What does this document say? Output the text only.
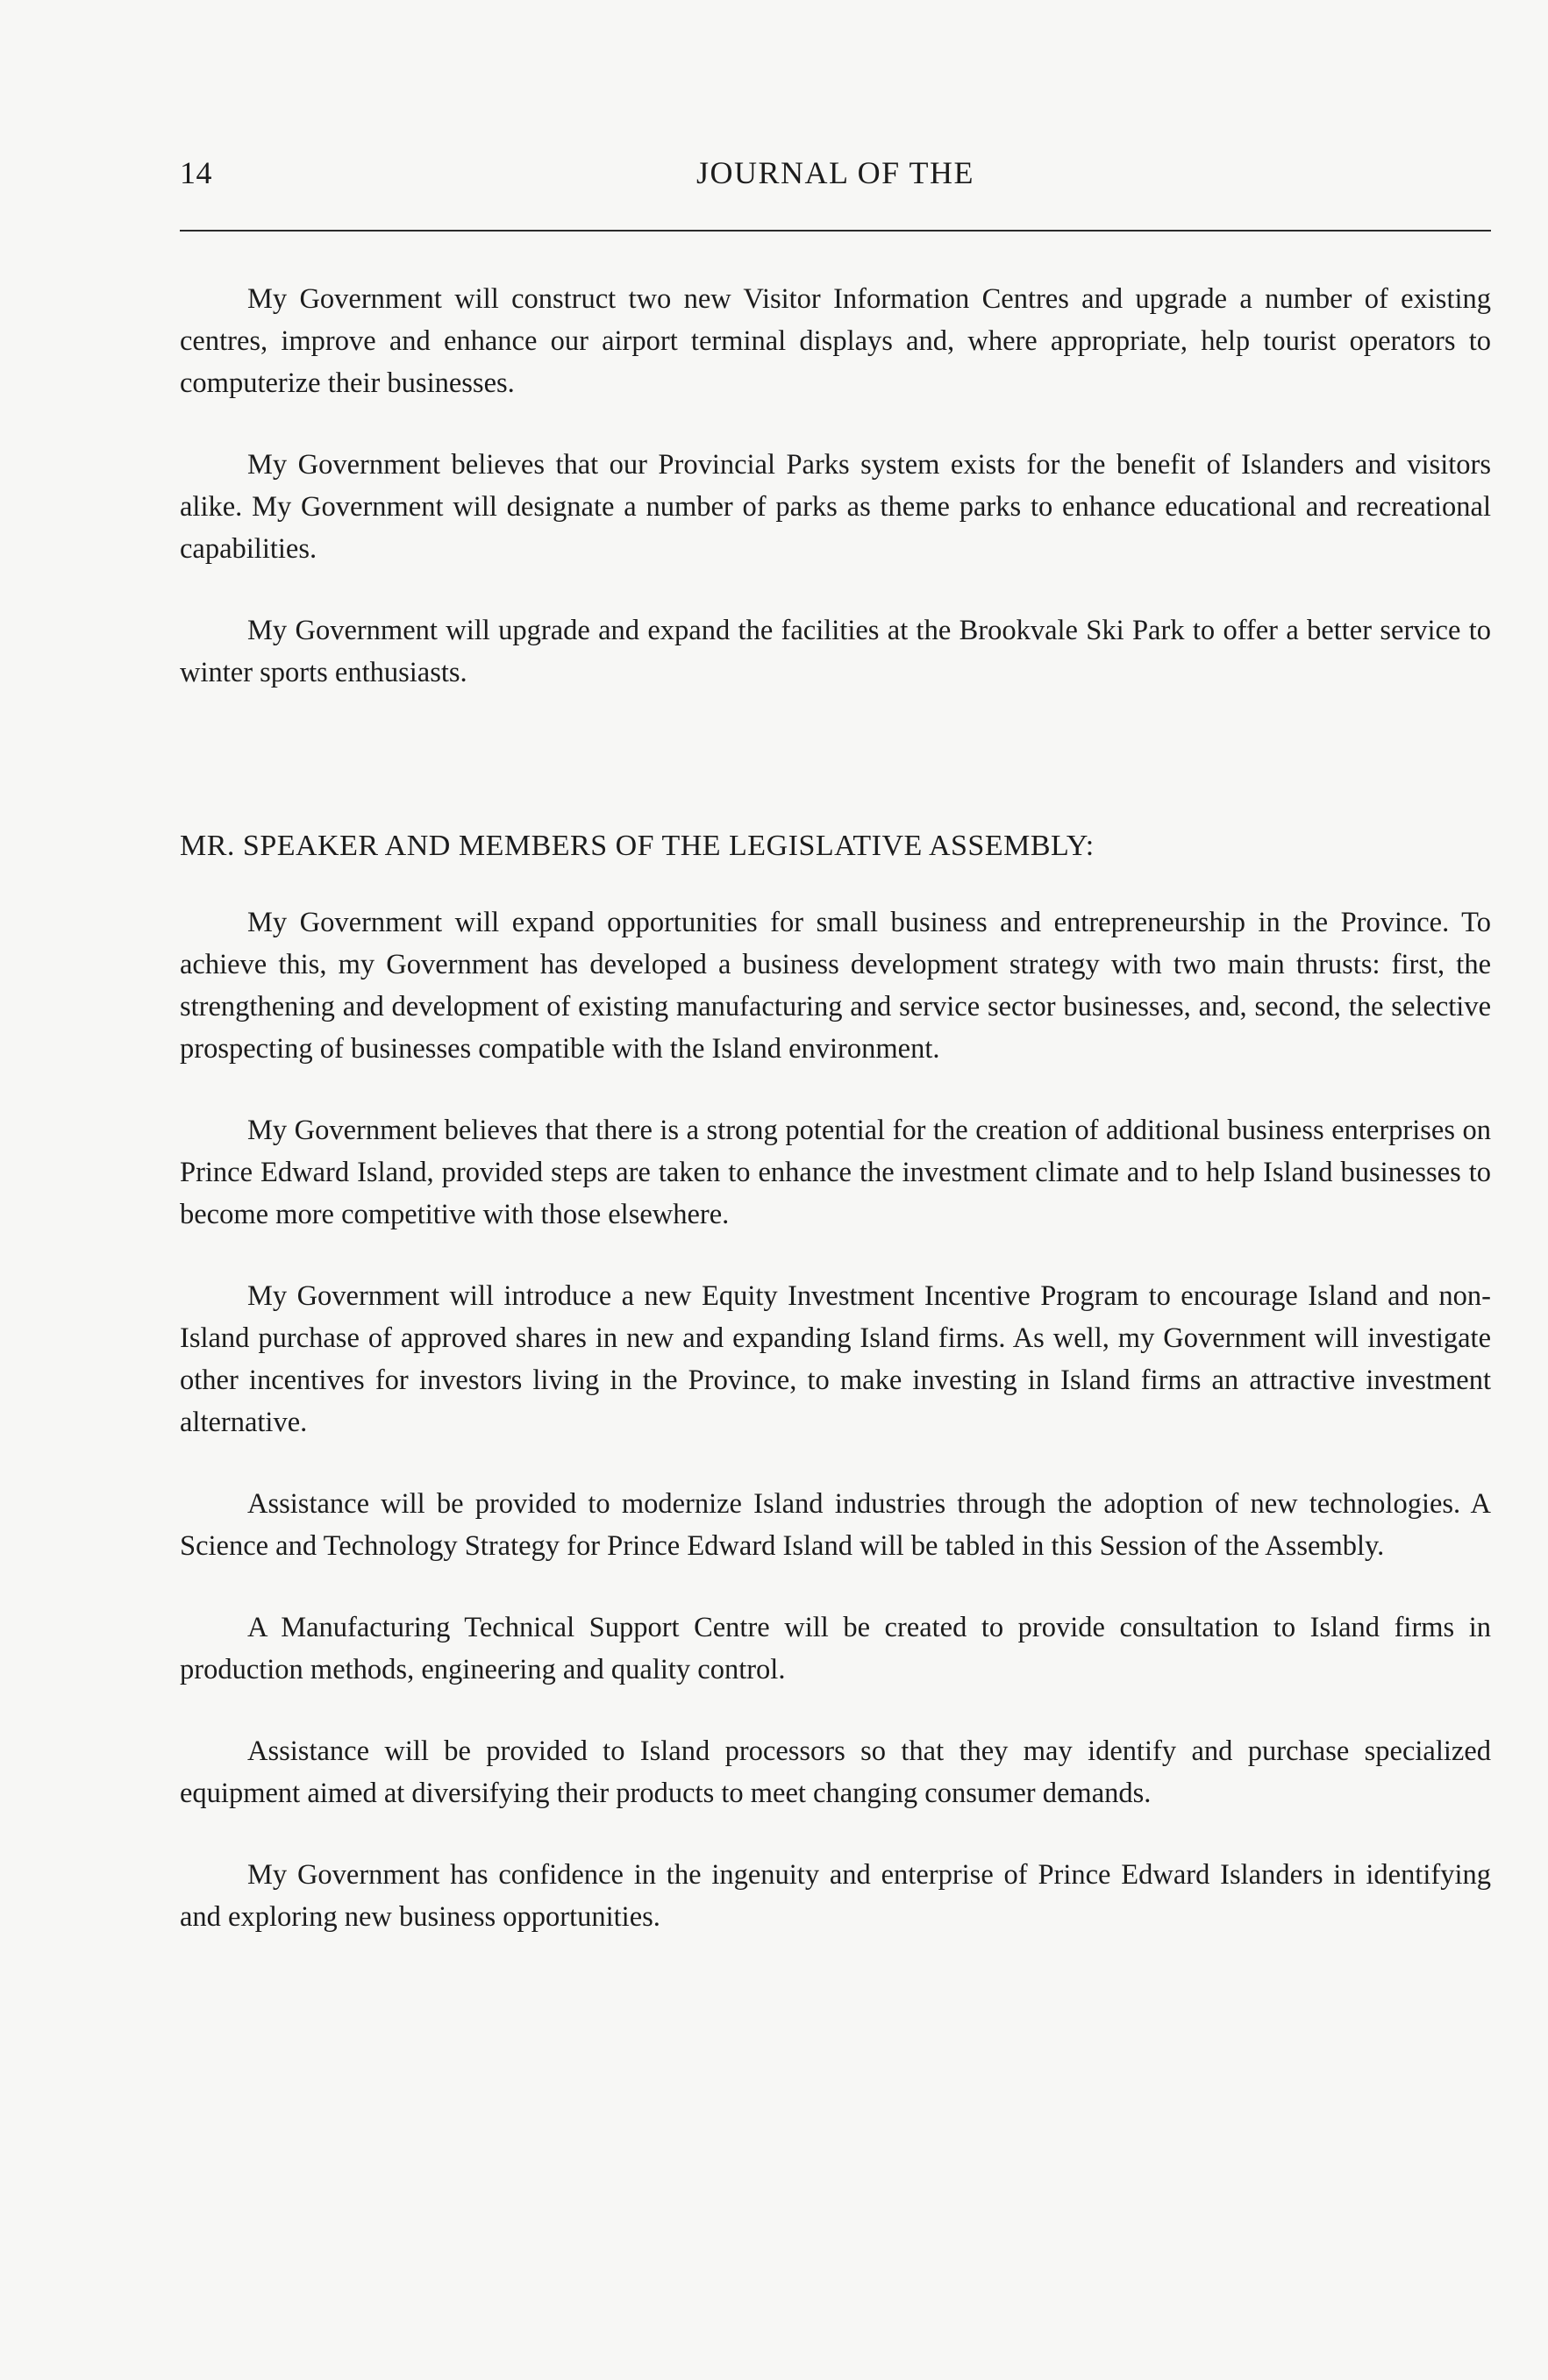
14	JOURNAL OF THE

My Government will construct two new Visitor Information Centres and upgrade a number of existing centres, improve and enhance our airport terminal displays and, where appropriate, help tourist operators to computerize their businesses.

My Government believes that our Provincial Parks system exists for the benefit of Islanders and visitors alike. My Government will designate a number of parks as theme parks to enhance educational and recreational capabilities.

My Government will upgrade and expand the facilities at the Brookvale Ski Park to offer a better service to winter sports enthusiasts.

MR. SPEAKER AND MEMBERS OF THE LEGISLATIVE ASSEMBLY:

My Government will expand opportunities for small business and entrepreneurship in the Province. To achieve this, my Government has developed a business development strategy with two main thrusts: first, the strengthening and development of existing manufacturing and service sector businesses, and, second, the selective prospecting of businesses compatible with the Island environment.

My Government believes that there is a strong potential for the creation of additional business enterprises on Prince Edward Island, provided steps are taken to enhance the investment climate and to help Island businesses to become more competitive with those elsewhere.

My Government will introduce a new Equity Investment Incentive Program to encourage Island and non-Island purchase of approved shares in new and expanding Island firms. As well, my Government will investigate other incentives for investors living in the Province, to make investing in Island firms an attractive investment alternative.

Assistance will be provided to modernize Island industries through the adoption of new technologies. A Science and Technology Strategy for Prince Edward Island will be tabled in this Session of the Assembly.

A Manufacturing Technical Support Centre will be created to provide consultation to Island firms in production methods, engineering and quality control.

Assistance will be provided to Island processors so that they may identify and purchase specialized equipment aimed at diversifying their products to meet changing consumer demands.

My Government has confidence in the ingenuity and enterprise of Prince Edward Islanders in identifying and exploring new business opportunities.
